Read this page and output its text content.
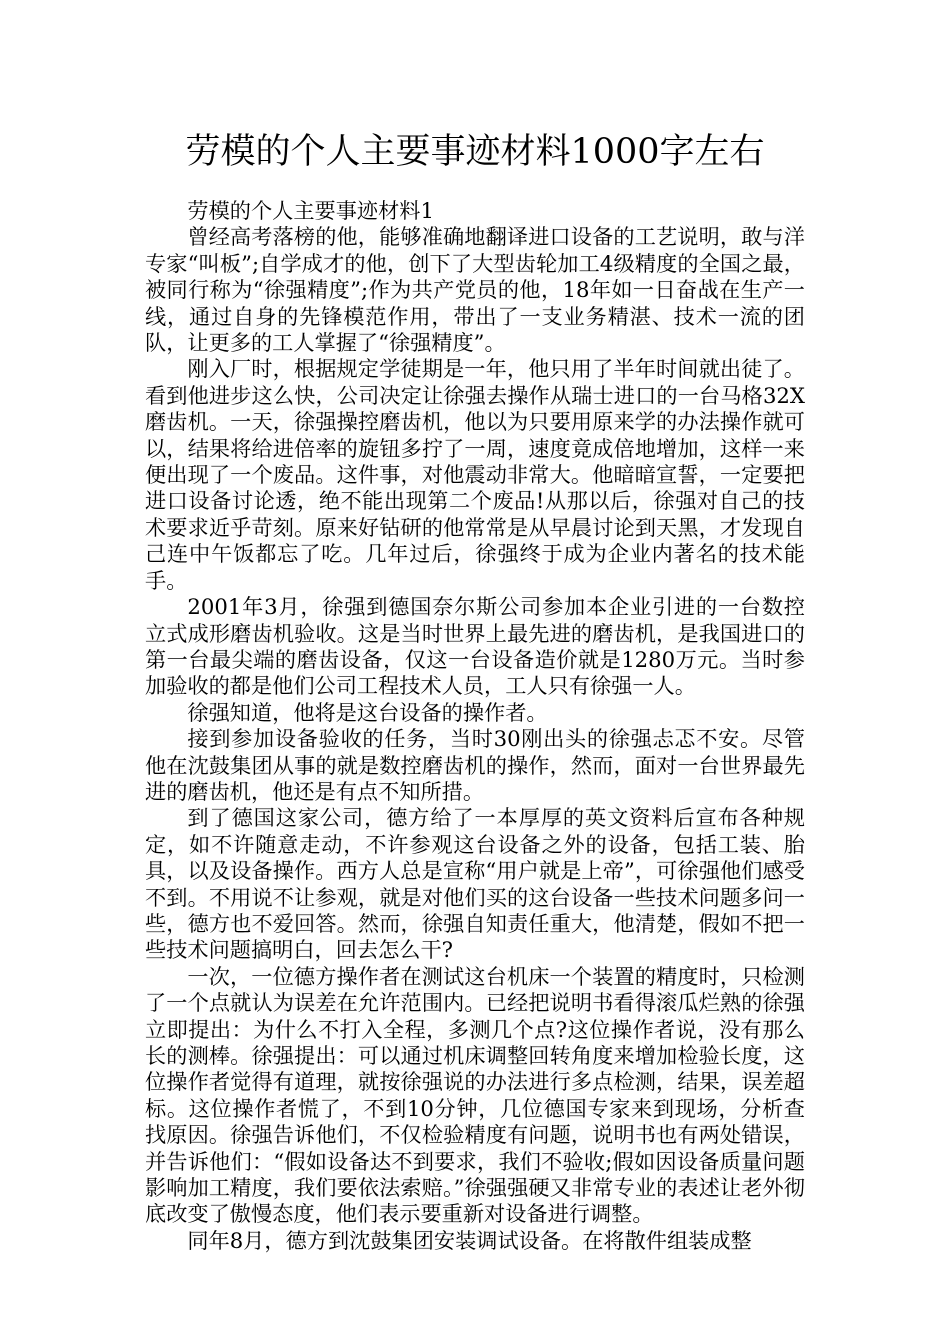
劳模的个人主要事迹材料1000字左右

劳模的个人主要事迹材料1

曾经高考落榜的他，能够准确地翻译进口设备的工艺说明，敢与洋专家“叫板”;自学成才的他，创下了大型齿轮加工4级精度的全国之最，被同行称为“徐强精度”;作为共产党员的他，18年如一日奋战在生产一线，通过自身的先锋模范作用，带出了一支业务精湛、技术一流的团队，让更多的工人掌握了“徐强精度”。

刚入厂时，根据规定学徒期是一年，他只用了半年时间就出徒了。看到他进步这么快，公司决定让徐强去操作从瑞士进口的一台马格32X磨齿机。一天，徐强操控磨齿机，他以为只要用原来学的办法操作就可以，结果将给进倍率的旋钮多拧了一周，速度竟成倍地增加，这样一来便出现了一个废品。这件事，对他震动非常大。他暗暗宣誓，一定要把进口设备讨论透，绝不能出现第二个废品!从那以后，徐强对自己的技术要求近乎苛刻。原来好钻研的他常常是从早晨讨论到天黑，才发现自己连中午饭都忘了吃。几年过后，徐强终于成为企业内著名的技术能手。

2001年3月，徐强到德国奈尔斯公司参加本企业引进的一台数控立式成形磨齿机验收。这是当时世界上最先进的磨齿机，是我国进口的第一台最尖端的磨齿设备，仅这一台设备造价就是1280万元。当时参加验收的都是他们公司工程技术人员，工人只有徐强一人。

徐强知道，他将是这台设备的操作者。

接到参加设备验收的任务，当时30刚出头的徐强忐忑不安。尽管他在沈鼓集团从事的就是数控磨齿机的操作，然而，面对一台世界最先进的磨齿机，他还是有点不知所措。

到了德国这家公司，德方给了一本厚厚的英文资料后宣布各种规定，如不许随意走动，不许参观这台设备之外的设备，包括工装、胎具，以及设备操作。西方人总是宣称“用户就是上帝”，可徐强他们感受不到。不用说不让参观，就是对他们买的这台设备一些技术问题多问一些，德方也不爱回答。然而，徐强自知责任重大，他清楚，假如不把一些技术问题搞明白，回去怎么干?

一次，一位德方操作者在测试这台机床一个装置的精度时，只检测了一个点就认为误差在允许范围内。已经把说明书看得滚瓜烂熟的徐强立即提出：为什么不打入全程，多测几个点?这位操作者说，没有那么长的测棒。徐强提出：可以通过机床调整回转角度来增加检验长度，这位操作者觉得有道理，就按徐强说的办法进行多点检测，结果，误差超标。这位操作者慌了，不到10分钟，几位德国专家来到现场，分析查找原因。徐强告诉他们，不仅检验精度有问题，说明书也有两处错误，并告诉他们：“假如设备达不到要求，我们不验收;假如因设备质量问题影响加工精度，我们要依法索赔。”徐强强硬又非常专业的表述让老外彻底改变了傲慢态度，他们表示要重新对设备进行调整。

同年8月，德方到沈鼓集团安装调试设备。在将散件组装成整
